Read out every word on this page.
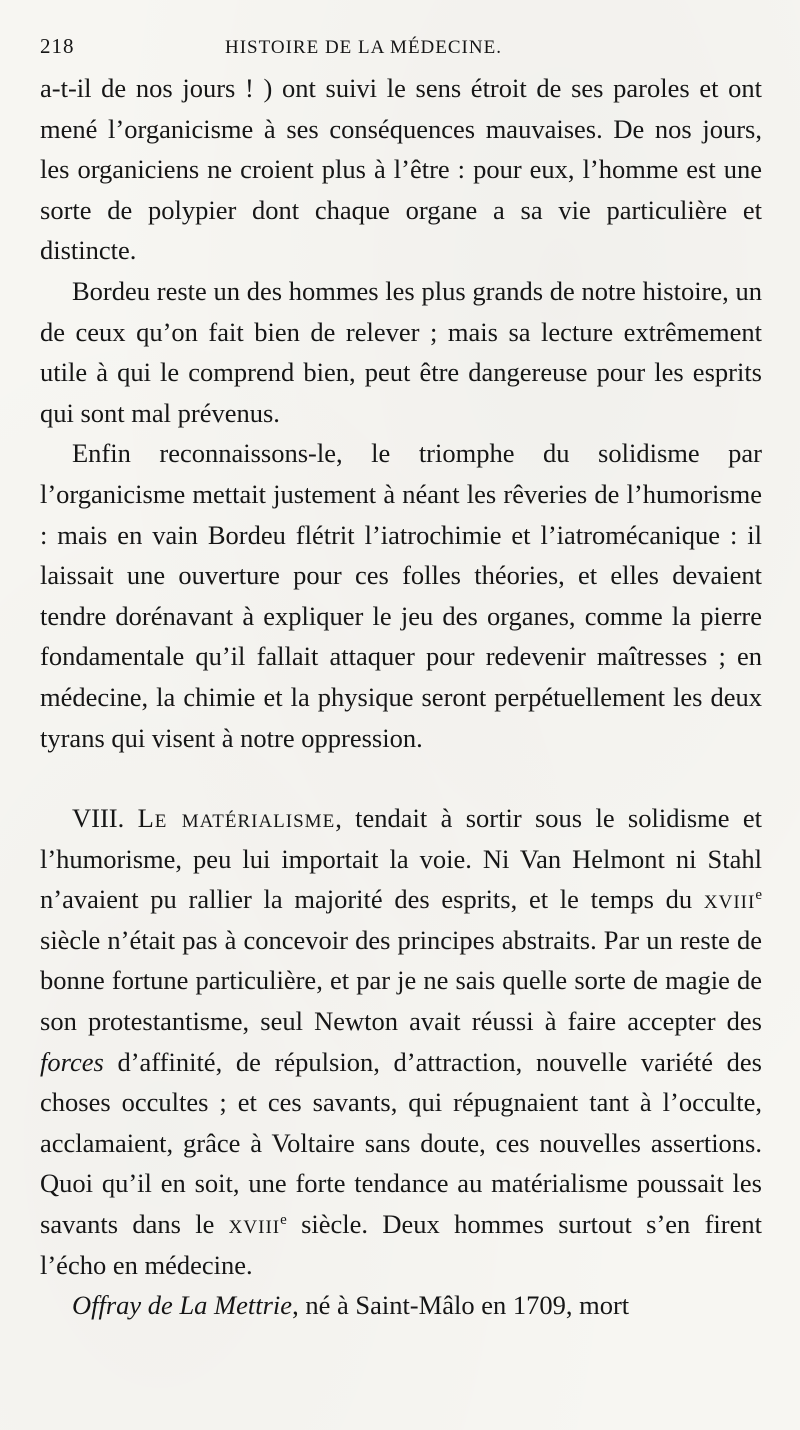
218	HISTOIRE DE LA MÉDECINE.

a-t-il de nos jours ! ) ont suivi le sens étroit de ses paroles et ont mené l’organicisme à ses conséquences mauvaises. De nos jours, les organiciens ne croient plus à l’être : pour eux, l’homme est une sorte de polypier dont chaque organe a sa vie particulière et distincte.

Bordeu reste un des hommes les plus grands de notre histoire, un de ceux qu’on fait bien de relever ; mais sa lecture extrêmement utile à qui le comprend bien, peut être dangereuse pour les esprits qui sont mal prévenus.

Enfin reconnaissons-le, le triomphe du solidisme par l’organicisme mettait justement à néant les rêveries de l’humorisme : mais en vain Bordeu flétrit l’iatrochimie et l’iatromécanique : il laissait une ouverture pour ces folles théories, et elles devaient tendre dorénavant à expliquer le jeu des organes, comme la pierre fondamentale qu’il fallait attaquer pour redevenir maîtresses ; en médecine, la chimie et la physique seront perpétuellement les deux tyrans qui visent à notre oppression.

VIII. Le matérialisme, tendait à sortir sous le solidisme et l’humorisme, peu lui importait la voie. Ni Van Helmont ni Stahl n’avaient pu rallier la majorité des esprits, et le temps du xviii$^e$ siècle n’était pas à concevoir des principes abstraits. Par un reste de bonne fortune particulière, et par je ne sais quelle sorte de magie de son protestantisme, seul Newton avait réussi à faire accepter des forces d’affinité, de répulsion, d’attraction, nouvelle variété des choses occultes ; et ces savants, qui répugnaient tant à l’occulte, acclamaient, grâce à Voltaire sans doute, ces nouvelles assertions. Quoi qu’il en soit, une forte tendance au matérialisme poussait les savants dans le xviii$^e$ siècle. Deux hommes surtout s’en firent l’écho en médecine.

Offray de La Mettrie, né à Saint-Mâlo en 1709, mort
